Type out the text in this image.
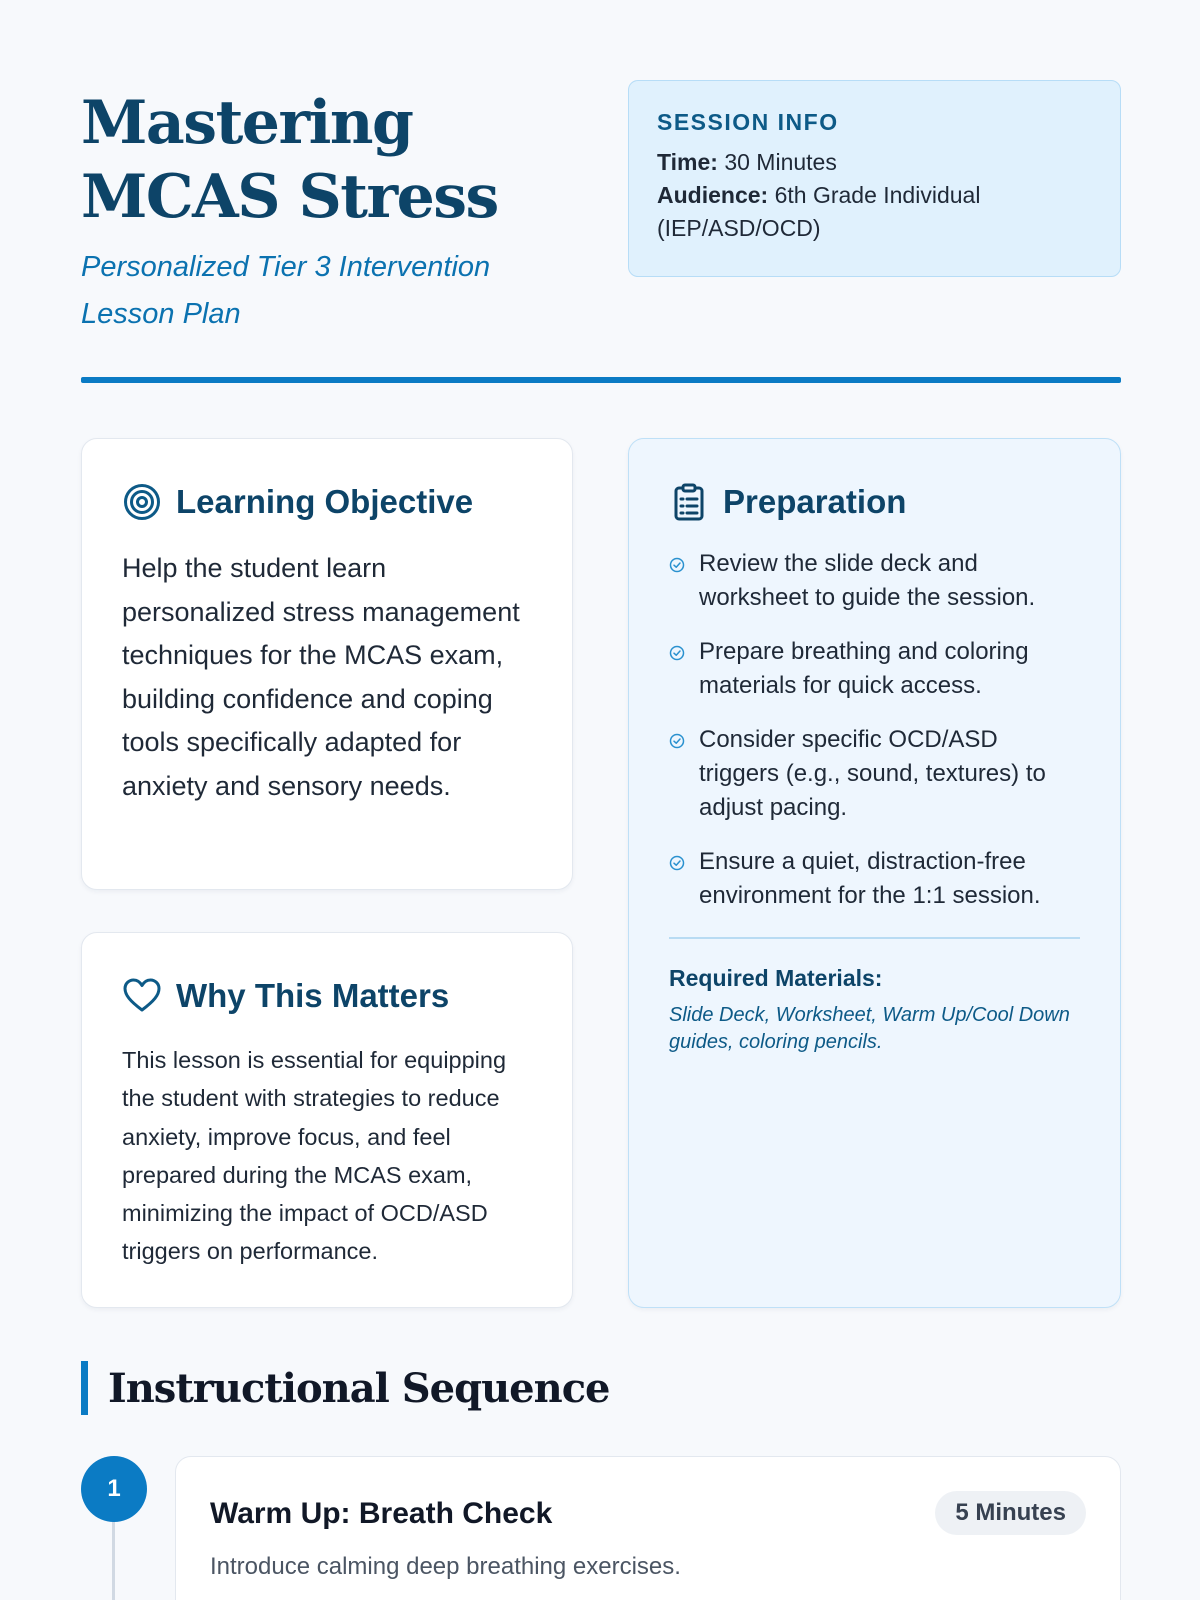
Mastering MCAS Stress
Personalized Tier 3 Intervention Lesson Plan
SESSION INFO
Time: 30 Minutes
Audience: 6th Grade Individual (IEP/ASD/OCD)
Learning Objective

Help the student learn personalized stress management techniques for the MCAS exam, building confidence and coping tools specifically adapted for anxiety and sensory needs.

Why This Matters

This lesson is essential for equipping the student with strategies to reduce anxiety, improve focus, and feel prepared during the MCAS exam, minimizing the impact of OCD/ASD triggers on performance.

Preparation
Review the slide deck and worksheet to guide the session.
Prepare breathing and coloring materials for quick access.
Consider specific OCD/ASD triggers (e.g., sound, textures) to adjust pacing.
Ensure a quiet, distraction-free environment for the 1:1 session.
Required Materials:
Slide Deck, Worksheet, Warm Up/Cool Down guides, coloring pencils.
Instructional Sequence
1
Warm Up: Breath Check	5 Minutes
Introduce calming deep breathing exercises.
